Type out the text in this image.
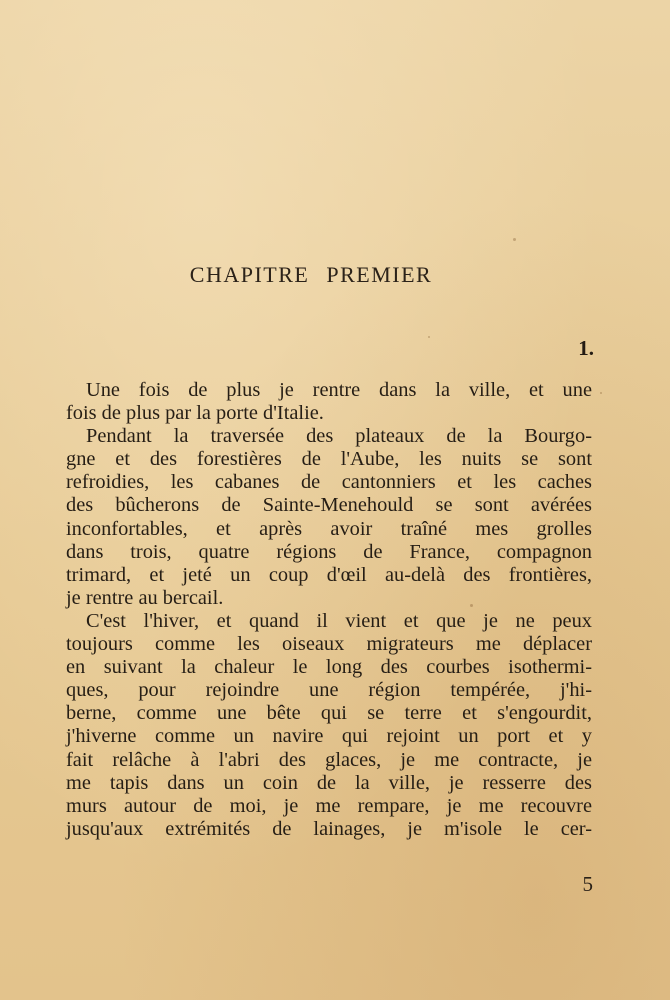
CHAPITRE PREMIER
1.
Une fois de plus je rentre dans la ville, et une
fois de plus par la porte d'Italie.
Pendant la traversée des plateaux de la Bourgo-
gne et des forestières de l'Aube, les nuits se sont
refroidies, les cabanes de cantonniers et les caches
des bûcherons de Sainte-Menehould se sont avérées
inconfortables, et après avoir traîné mes grolles
dans trois, quatre régions de France, compagnon
trimard, et jeté un coup d'œil au-delà des frontières,
je rentre au bercail.
C'est l'hiver, et quand il vient et que je ne peux
toujours comme les oiseaux migrateurs me déplacer
en suivant la chaleur le long des courbes isothermi-
ques, pour rejoindre une région tempérée, j'hi-
berne, comme une bête qui se terre et s'engourdit,
j'hiverne comme un navire qui rejoint un port et y
fait relâche à l'abri des glaces, je me contracte, je
me tapis dans un coin de la ville, je resserre des
murs autour de moi, je me rempare, je me recouvre
jusqu'aux extrémités de lainages, je m'isole le cer-
5
